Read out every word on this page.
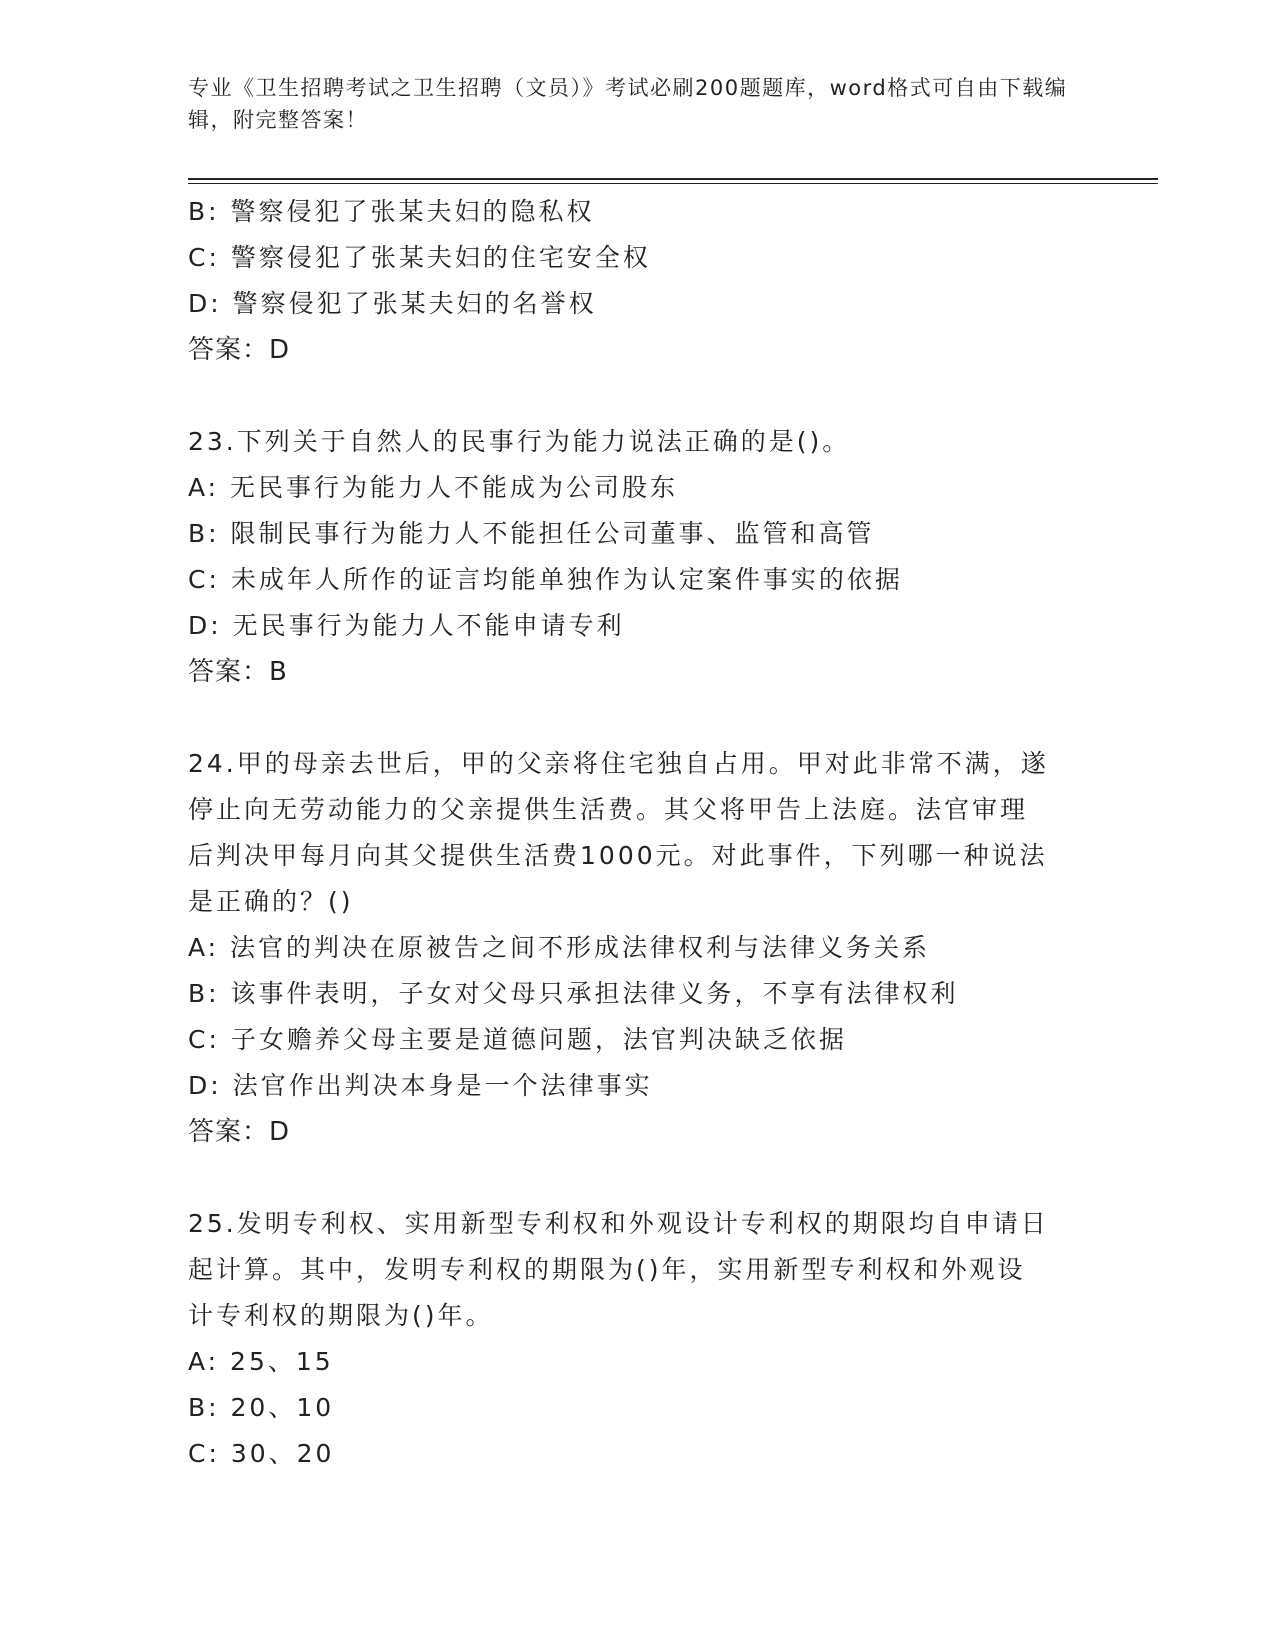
专业《卫生招聘考试之卫生招聘（文员）》考试必刷200题题库，word格式可自由下载编辑，附完整答案！
B: 警察侵犯了张某夫妇的隐私权
C: 警察侵犯了张某夫妇的住宅安全权
D: 警察侵犯了张某夫妇的名誉权
答案：D
23.下列关于自然人的民事行为能力说法正确的是()。
A: 无民事行为能力人不能成为公司股东
B: 限制民事行为能力人不能担任公司董事、监管和高管
C: 未成年人所作的证言均能单独作为认定案件事实的依据
D: 无民事行为能力人不能申请专利
答案：B
24.甲的母亲去世后，甲的父亲将住宅独自占用。甲对此非常不满，遂
停止向无劳动能力的父亲提供生活费。其父将甲告上法庭。法官审理
后判决甲每月向其父提供生活费1000元。对此事件，下列哪一种说法
是正确的？()
A: 法官的判决在原被告之间不形成法律权利与法律义务关系
B: 该事件表明，子女对父母只承担法律义务，不享有法律权利
C: 子女赡养父母主要是道德问题，法官判决缺乏依据
D: 法官作出判决本身是一个法律事实
答案：D
25.发明专利权、实用新型专利权和外观设计专利权的期限均自申请日
起计算。其中，发明专利权的期限为()年，实用新型专利权和外观设
计专利权的期限为()年。
A: 25、15
B: 20、10
C: 30、20
